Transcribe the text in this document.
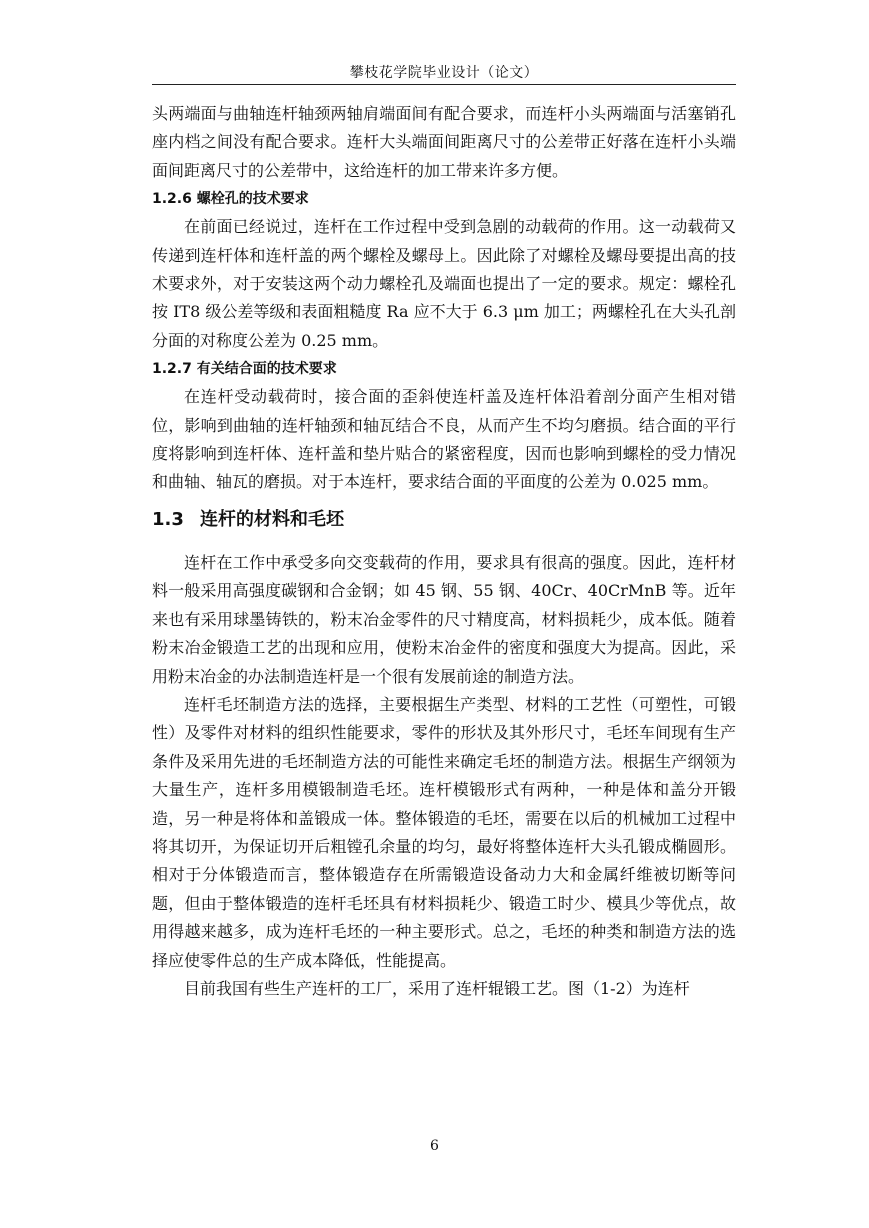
攀枝花学院毕业设计（论文）

头两端面与曲轴连杆轴颈两轴肩端面间有配合要求，而连杆小头两端面与活塞销孔座内档之间没有配合要求。连杆大头端面间距离尺寸的公差带正好落在连杆小头端面间距离尺寸的公差带中，这给连杆的加工带来许多方便。

1.2.6 螺栓孔的技术要求

在前面已经说过，连杆在工作过程中受到急剧的动载荷的作用。这一动载荷又传递到连杆体和连杆盖的两个螺栓及螺母上。因此除了对螺栓及螺母要提出高的技术要求外，对于安装这两个动力螺栓孔及端面也提出了一定的要求。规定：螺栓孔按 IT8 级公差等级和表面粗糙度 Ra 应不大于 6.3 μm 加工；两螺栓孔在大头孔剖分面的对称度公差为 0.25 mm。

1.2.7 有关结合面的技术要求

在连杆受动载荷时，接合面的歪斜使连杆盖及连杆体沿着剖分面产生相对错位，影响到曲轴的连杆轴颈和轴瓦结合不良，从而产生不均匀磨损。结合面的平行度将影响到连杆体、连杆盖和垫片贴合的紧密程度，因而也影响到螺栓的受力情况和曲轴、轴瓦的磨损。对于本连杆，要求结合面的平面度的公差为 0.025 mm。

1.3 连杆的材料和毛坯

连杆在工作中承受多向交变载荷的作用，要求具有很高的强度。因此，连杆材料一般采用高强度碳钢和合金钢；如 45 钢、55 钢、40Cr、40CrMnB 等。近年来也有采用球墨铸铁的，粉末冶金零件的尺寸精度高，材料损耗少，成本低。随着粉末冶金锻造工艺的出现和应用，使粉末冶金件的密度和强度大为提高。因此，采用粉末冶金的办法制造连杆是一个很有发展前途的制造方法。

连杆毛坯制造方法的选择，主要根据生产类型、材料的工艺性（可塑性，可锻性）及零件对材料的组织性能要求，零件的形状及其外形尺寸，毛坯车间现有生产条件及采用先进的毛坯制造方法的可能性来确定毛坯的制造方法。根据生产纲领为大量生产，连杆多用模锻制造毛坯。连杆模锻形式有两种，一种是体和盖分开锻造，另一种是将体和盖锻成一体。整体锻造的毛坯，需要在以后的机械加工过程中将其切开，为保证切开后粗镗孔余量的均匀，最好将整体连杆大头孔锻成椭圆形。相对于分体锻造而言，整体锻造存在所需锻造设备动力大和金属纤维被切断等问题，但由于整体锻造的连杆毛坯具有材料损耗少、锻造工时少、模具少等优点，故用得越来越多，成为连杆毛坯的一种主要形式。总之，毛坯的种类和制造方法的选择应使零件总的生产成本降低，性能提高。

目前我国有些生产连杆的工厂，采用了连杆辊锻工艺。图（1-2）为连杆

6
